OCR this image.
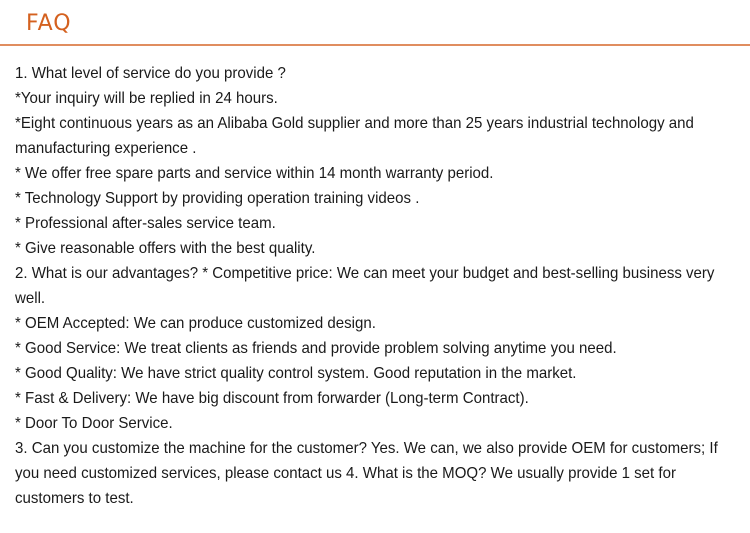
FAQ
1. What level of service do you provide ?
*Your inquiry will be replied in 24 hours.
*Eight continuous years as an Alibaba Gold supplier and more than 25 years industrial technology and
manufacturing experience .
* We offer free spare parts and service within 14 month warranty period.
* Technology Support by providing operation training videos .
* Professional after-sales service team.
* Give reasonable offers with the best quality.
2. What is our advantages? * Competitive price: We can meet your budget and best-selling business very
well.
* OEM Accepted: We can produce customized design.
* Good Service: We treat clients as friends and provide problem solving anytime you need.
* Good Quality: We have strict quality control system. Good reputation in the market.
* Fast & Delivery: We have big discount from forwarder (Long-term Contract).
* Door To Door Service.
3. Can you customize the machine for the customer? Yes. We can, we also provide OEM for customers; If
you need customized services, please contact us 4. What is the MOQ? We usually provide 1 set for
customers to test.
